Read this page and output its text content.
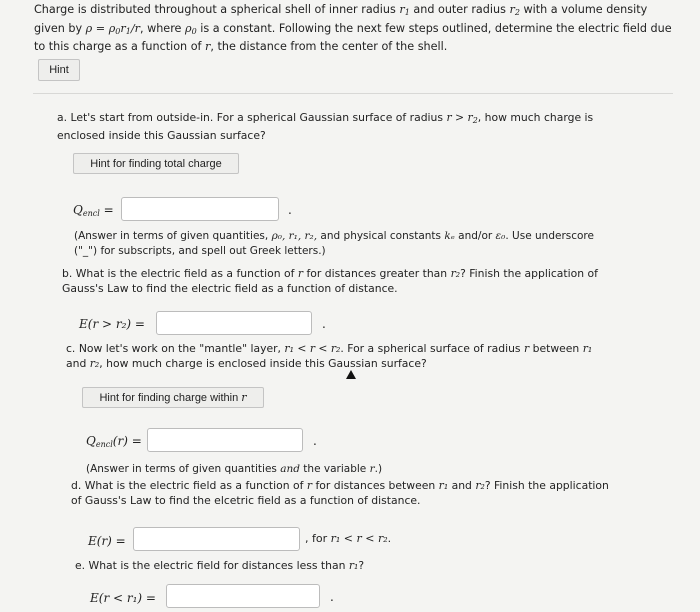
Charge is distributed throughout a spherical shell of inner radius $r_1$ and outer radius $r_2$ with a volume density given by $\rho = \rho_0r_1/r$, where $\rho_0$ is a constant. Following the next few steps outlined, determine the electric field due to this charge as a function of r, the distance from the center of the shell.
Hint
a. Let's start from outside-in. For a spherical Gaussian surface of radius $r > r_2$, how much charge is enclosed inside this Gaussian surface?
Hint for finding total charge
$Q_{encl}$ =	.
(Answer in terms of given quantities, ρ₀, r₁, r₂, and physical constants kₑ and/or ε₀. Use underscore ("_") for subscripts, and spell out Greek letters.)
b. What is the electric field as a function of r for distances greater than r₂? Finish the application of Gauss's Law to find the electric field as a function of distance.
E(r > r₂) =	.
c. Now let's work on the "mantle" layer, r₁ < r < r₂. For a spherical surface of radius r between r₁ and r₂, how much charge is enclosed inside this Gaussian surface?
Hint for finding charge within r
$Q_{encl}(r)$ =	.
(Answer in terms of given quantities and the variable r.)
d. What is the electric field as a function of r for distances between r₁ and r₂? Finish the application of Gauss's Law to find the elcetric field as a function of distance.
E(r) =	, for r₁ < r < r₂.
e. What is the electric field for distances less than r₁?
E(r < r₁) =	.
